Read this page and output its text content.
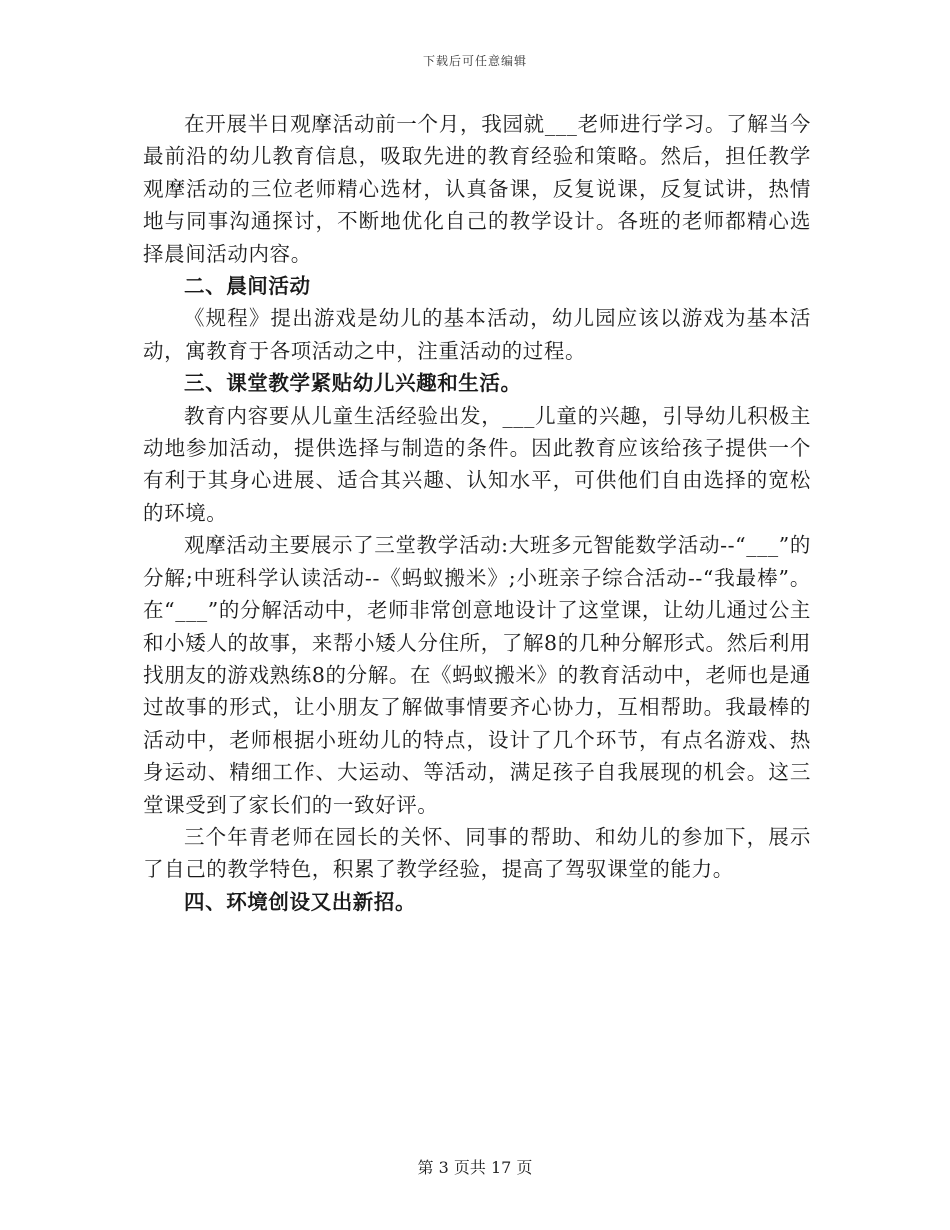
下载后可任意编辑

在开展半日观摩活动前一个月，我园就___老师进行学习。了解当今最前沿的幼儿教育信息，吸取先进的教育经验和策略。然后，担任教学观摩活动的三位老师精心选材，认真备课，反复说课，反复试讲，热情地与同事沟通探讨，不断地优化自己的教学设计。各班的老师都精心选择晨间活动内容。

二、晨间活动

《规程》提出游戏是幼儿的基本活动，幼儿园应该以游戏为基本活动，寓教育于各项活动之中，注重活动的过程。

三、课堂教学紧贴幼儿兴趣和生活。

教育内容要从儿童生活经验出发，___儿童的兴趣，引导幼儿积极主动地参加活动，提供选择与制造的条件。因此教育应该给孩子提供一个有利于其身心进展、适合其兴趣、认知水平，可供他们自由选择的宽松的环境。

观摩活动主要展示了三堂教学活动:大班多元智能数学活动--“___”的分解;中班科学认读活动--《蚂蚁搬米》;小班亲子综合活动--“我最棒”。在“___”的分解活动中，老师非常创意地设计了这堂课，让幼儿通过公主和小矮人的故事，来帮小矮人分住所，了解8的几种分解形式。然后利用找朋友的游戏熟练8的分解。在《蚂蚁搬米》的教育活动中，老师也是通过故事的形式，让小朋友了解做事情要齐心协力，互相帮助。我最棒的活动中，老师根据小班幼儿的特点，设计了几个环节，有点名游戏、热身运动、精细工作、大运动、等活动，满足孩子自我展现的机会。这三堂课受到了家长们的一致好评。

三个年青老师在园长的关怀、同事的帮助、和幼儿的参加下，展示了自己的教学特色，积累了教学经验，提高了驾驭课堂的能力。

四、环境创设又出新招。

第 3 页共 17 页
